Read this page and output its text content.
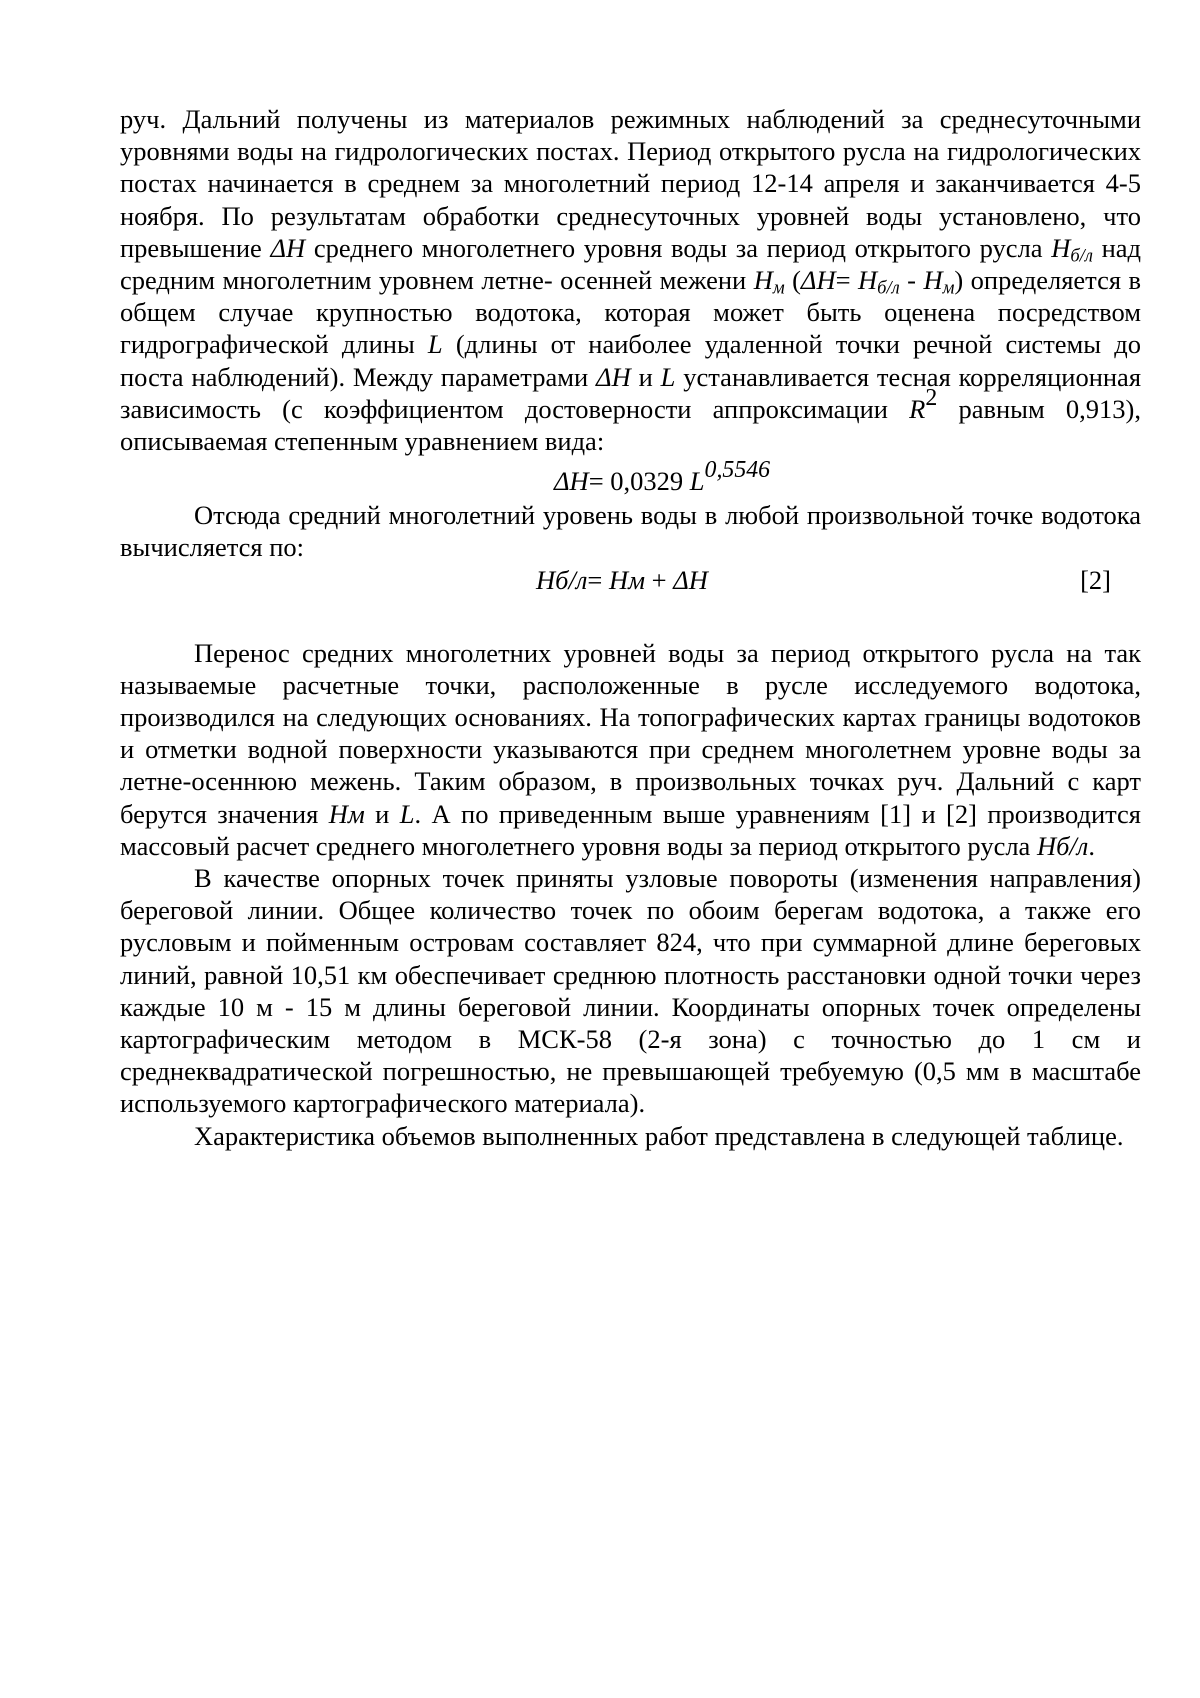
руч. Дальний получены из материалов режимных наблюдений за среднесуточными уровнями воды на гидрологических постах. Период открытого русла на гидрологических постах начинается в среднем за многолетний период 12-14 апреля и заканчивается 4-5 ноября. По результатам обработки среднесуточных уровней воды установлено, что превышение ΔH среднего многолетнего уровня воды за период открытого русла $H_{б/л}$ над средним многолетним уровнем летне- осенней межени $H_м$ $(\Delta H= H_{б/л} - H_м)$ определяется в общем случае крупностью водотока, которая может быть оценена посредством гидрографической длины L (длины от наиболее удаленной точки речной системы до поста наблюдений). Между параметрами ΔH и L устанавливается тесная корреляционная зависимость (с коэффициентом достоверности аппроксимации $R^2$ равным 0,913), описываемая степенным уравнением вида:

ΔH= 0,0329 $L^{0,5546}$

Отсюда средний многолетний уровень воды в любой произвольной точке водотока вычисляется по:

Нб/л= Нм + ΔH	[2]

Перенос средних многолетних уровней воды за период открытого русла на так называемые расчетные точки, расположенные в русле исследуемого водотока, производился на следующих основаниях. На топографических картах границы водотоков и отметки водной поверхности указываются при среднем многолетнем уровне воды за летне-осеннюю межень. Таким образом, в произвольных точках руч. Дальний с карт берутся значения Нм и L. А по приведенным выше уравнениям [1] и [2] производится массовый расчет среднего многолетнего уровня воды за период открытого русла Нб/л.

В качестве опорных точек приняты узловые повороты (изменения направления) береговой линии. Общее количество точек по обоим берегам водотока, а также его русловым и пойменным островам составляет 824, что при суммарной длине береговых линий, равной 10,51 км обеспечивает среднюю плотность расстановки одной точки через каждые 10 м - 15 м длины береговой линии. Координаты опорных точек определены картографическим методом в МСК-58 (2-я зона) с точностью до 1 см и среднеквадратической погрешностью, не превышающей требуемую (0,5 мм в масштабе используемого картографического материала).

Характеристика объемов выполненных работ представлена в следующей таблице.
